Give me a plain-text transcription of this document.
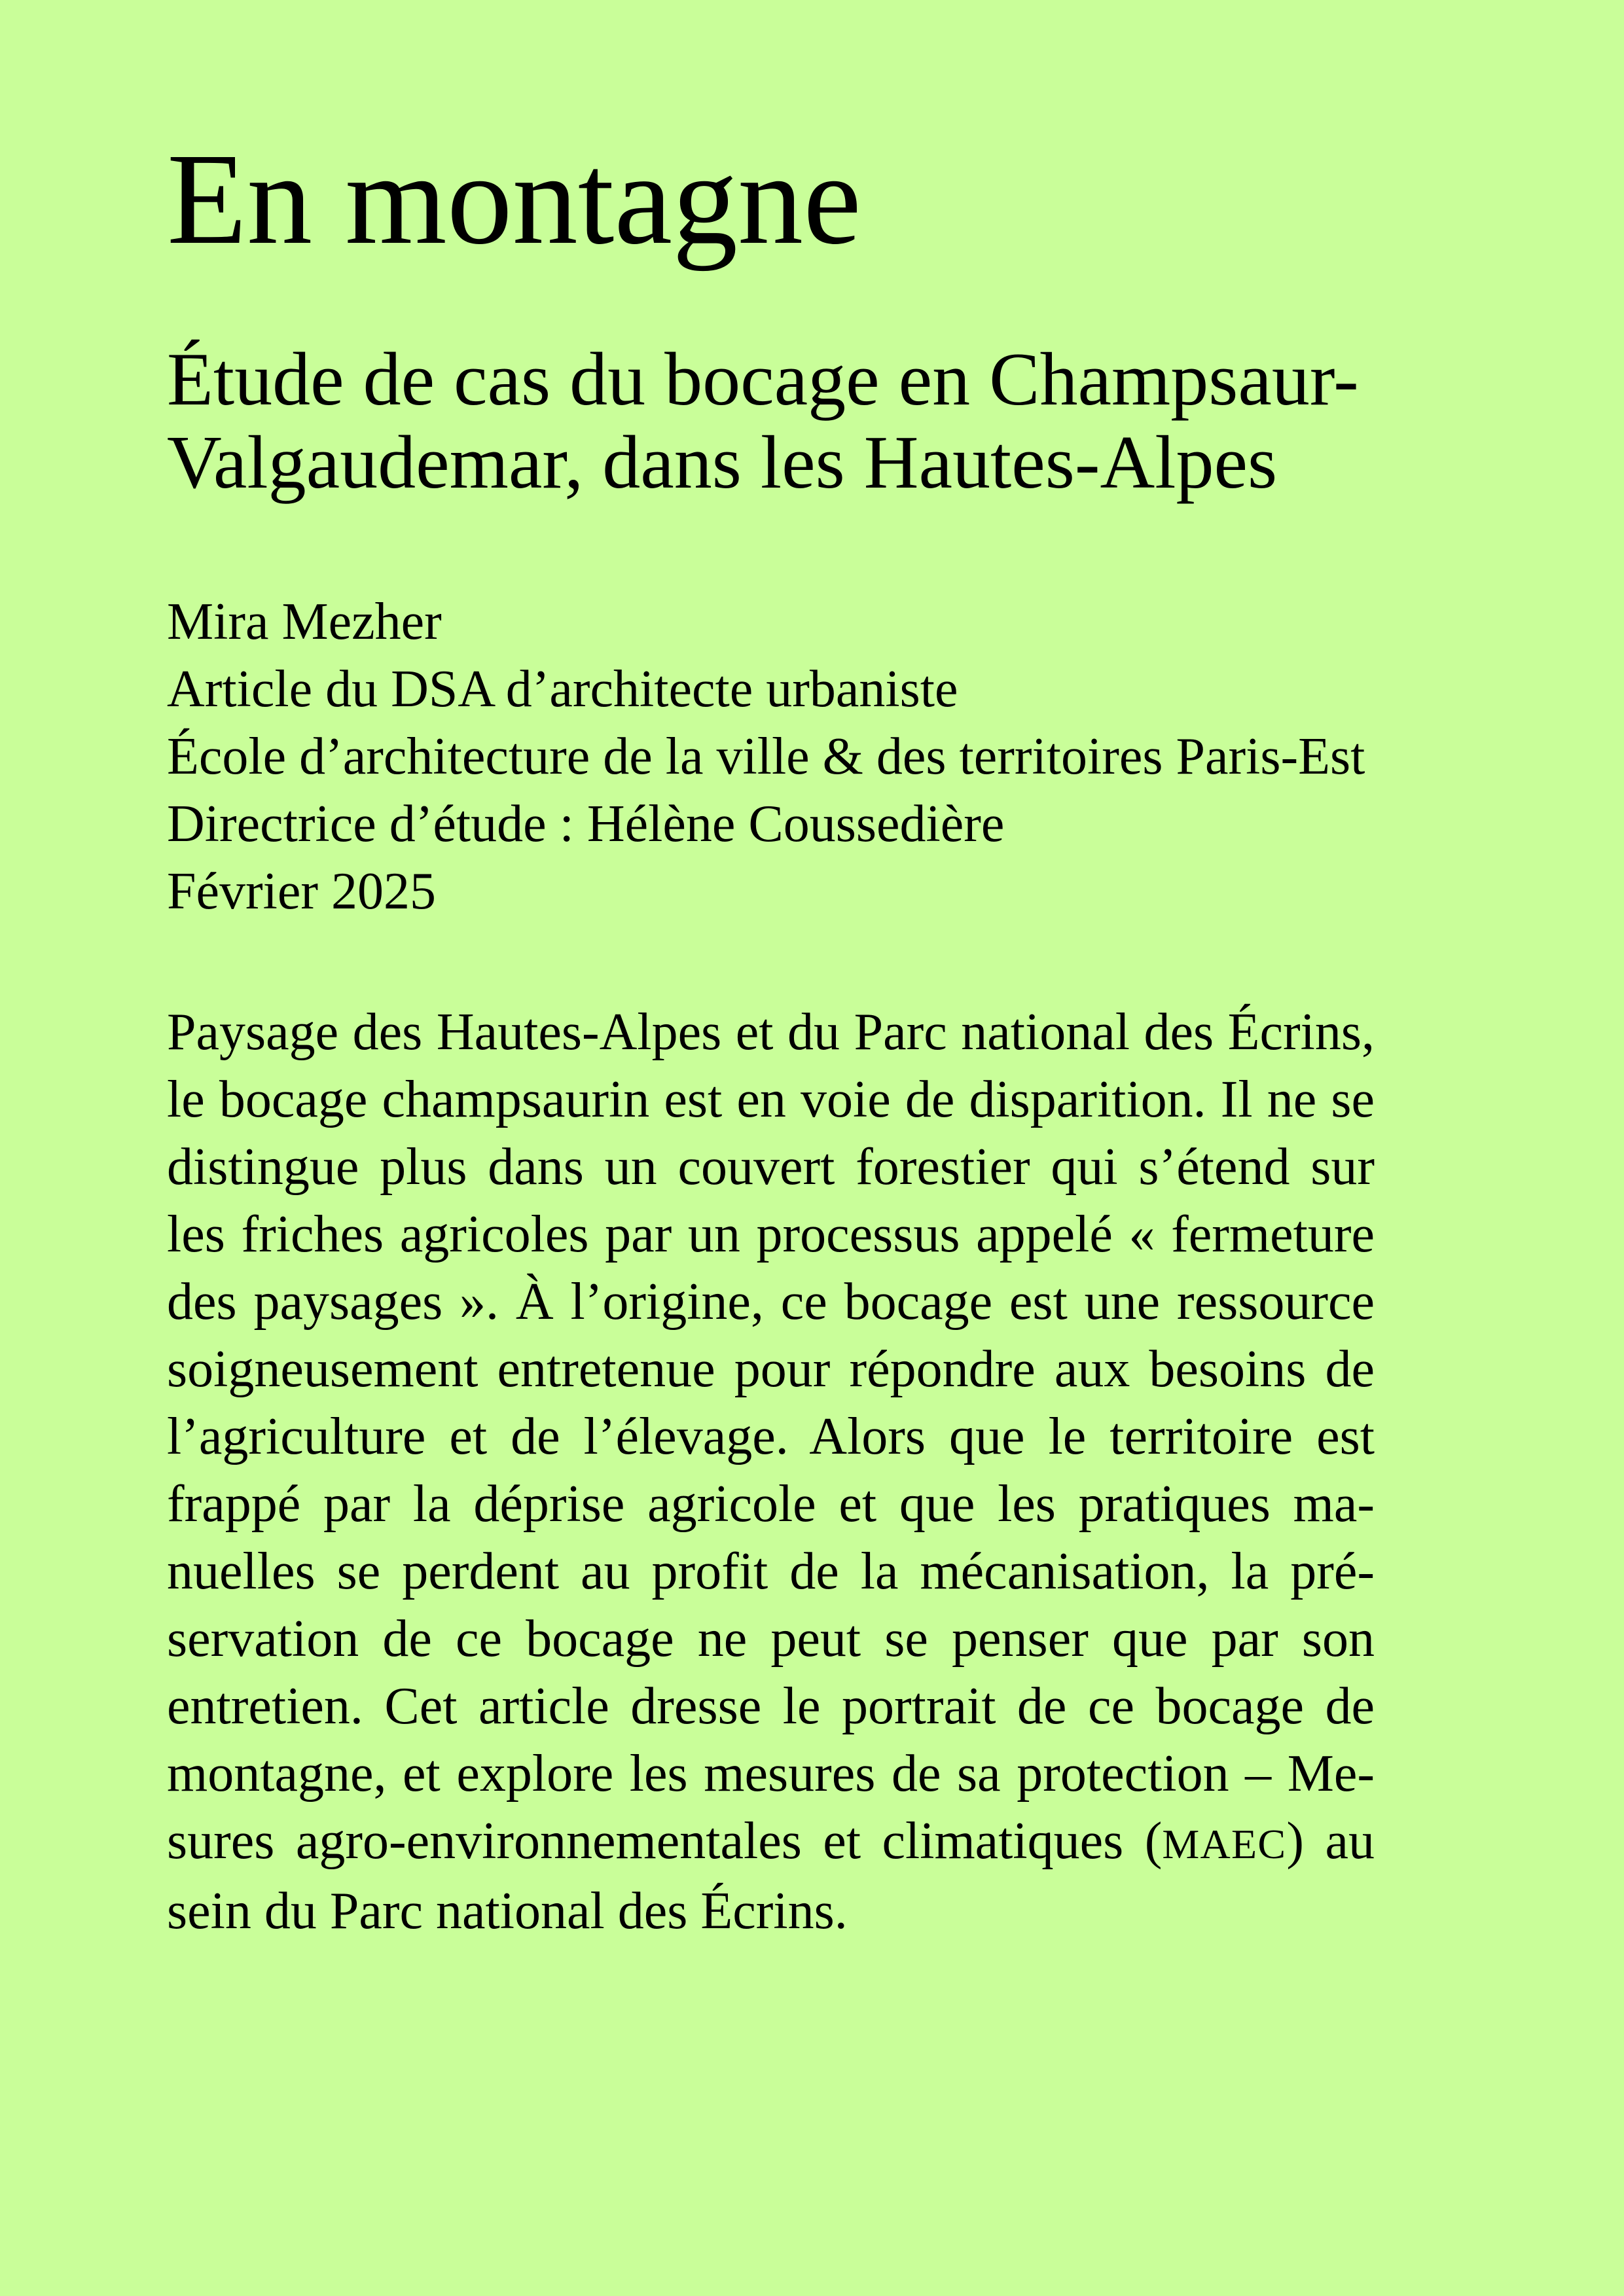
En montagne
Étude de cas du bocage en Champsaur-
Valgaudemar, dans les Hautes-Alpes
Mira Mezher
Article du DSA d’architecte urbaniste
École d’architecture de la ville & des territoires Paris-Est
Directrice d’étude : Hélène Coussedière
Février 2025
Paysage des Hautes-Alpes et du Parc national des Écrins,
le bocage champsaurin est en voie de disparition. Il ne se
distingue plus dans un couvert forestier qui s’étend sur
les friches agricoles par un processus appelé « fermeture
des paysages ». À l’origine, ce bocage est une ressource
soigneusement entretenue pour répondre aux besoins de
l’agriculture et de l’élevage. Alors que le territoire est
frappé par la déprise agricole et que les pratiques ma-
nuelles se perdent au profit de la mécanisation, la pré-
servation de ce bocage ne peut se penser que par son
entretien. Cet article dresse le portrait de ce bocage de
montagne, et explore les mesures de sa protection – Me-
sures agro-environnementales et climatiques (MAEC) au
sein du Parc national des Écrins.
